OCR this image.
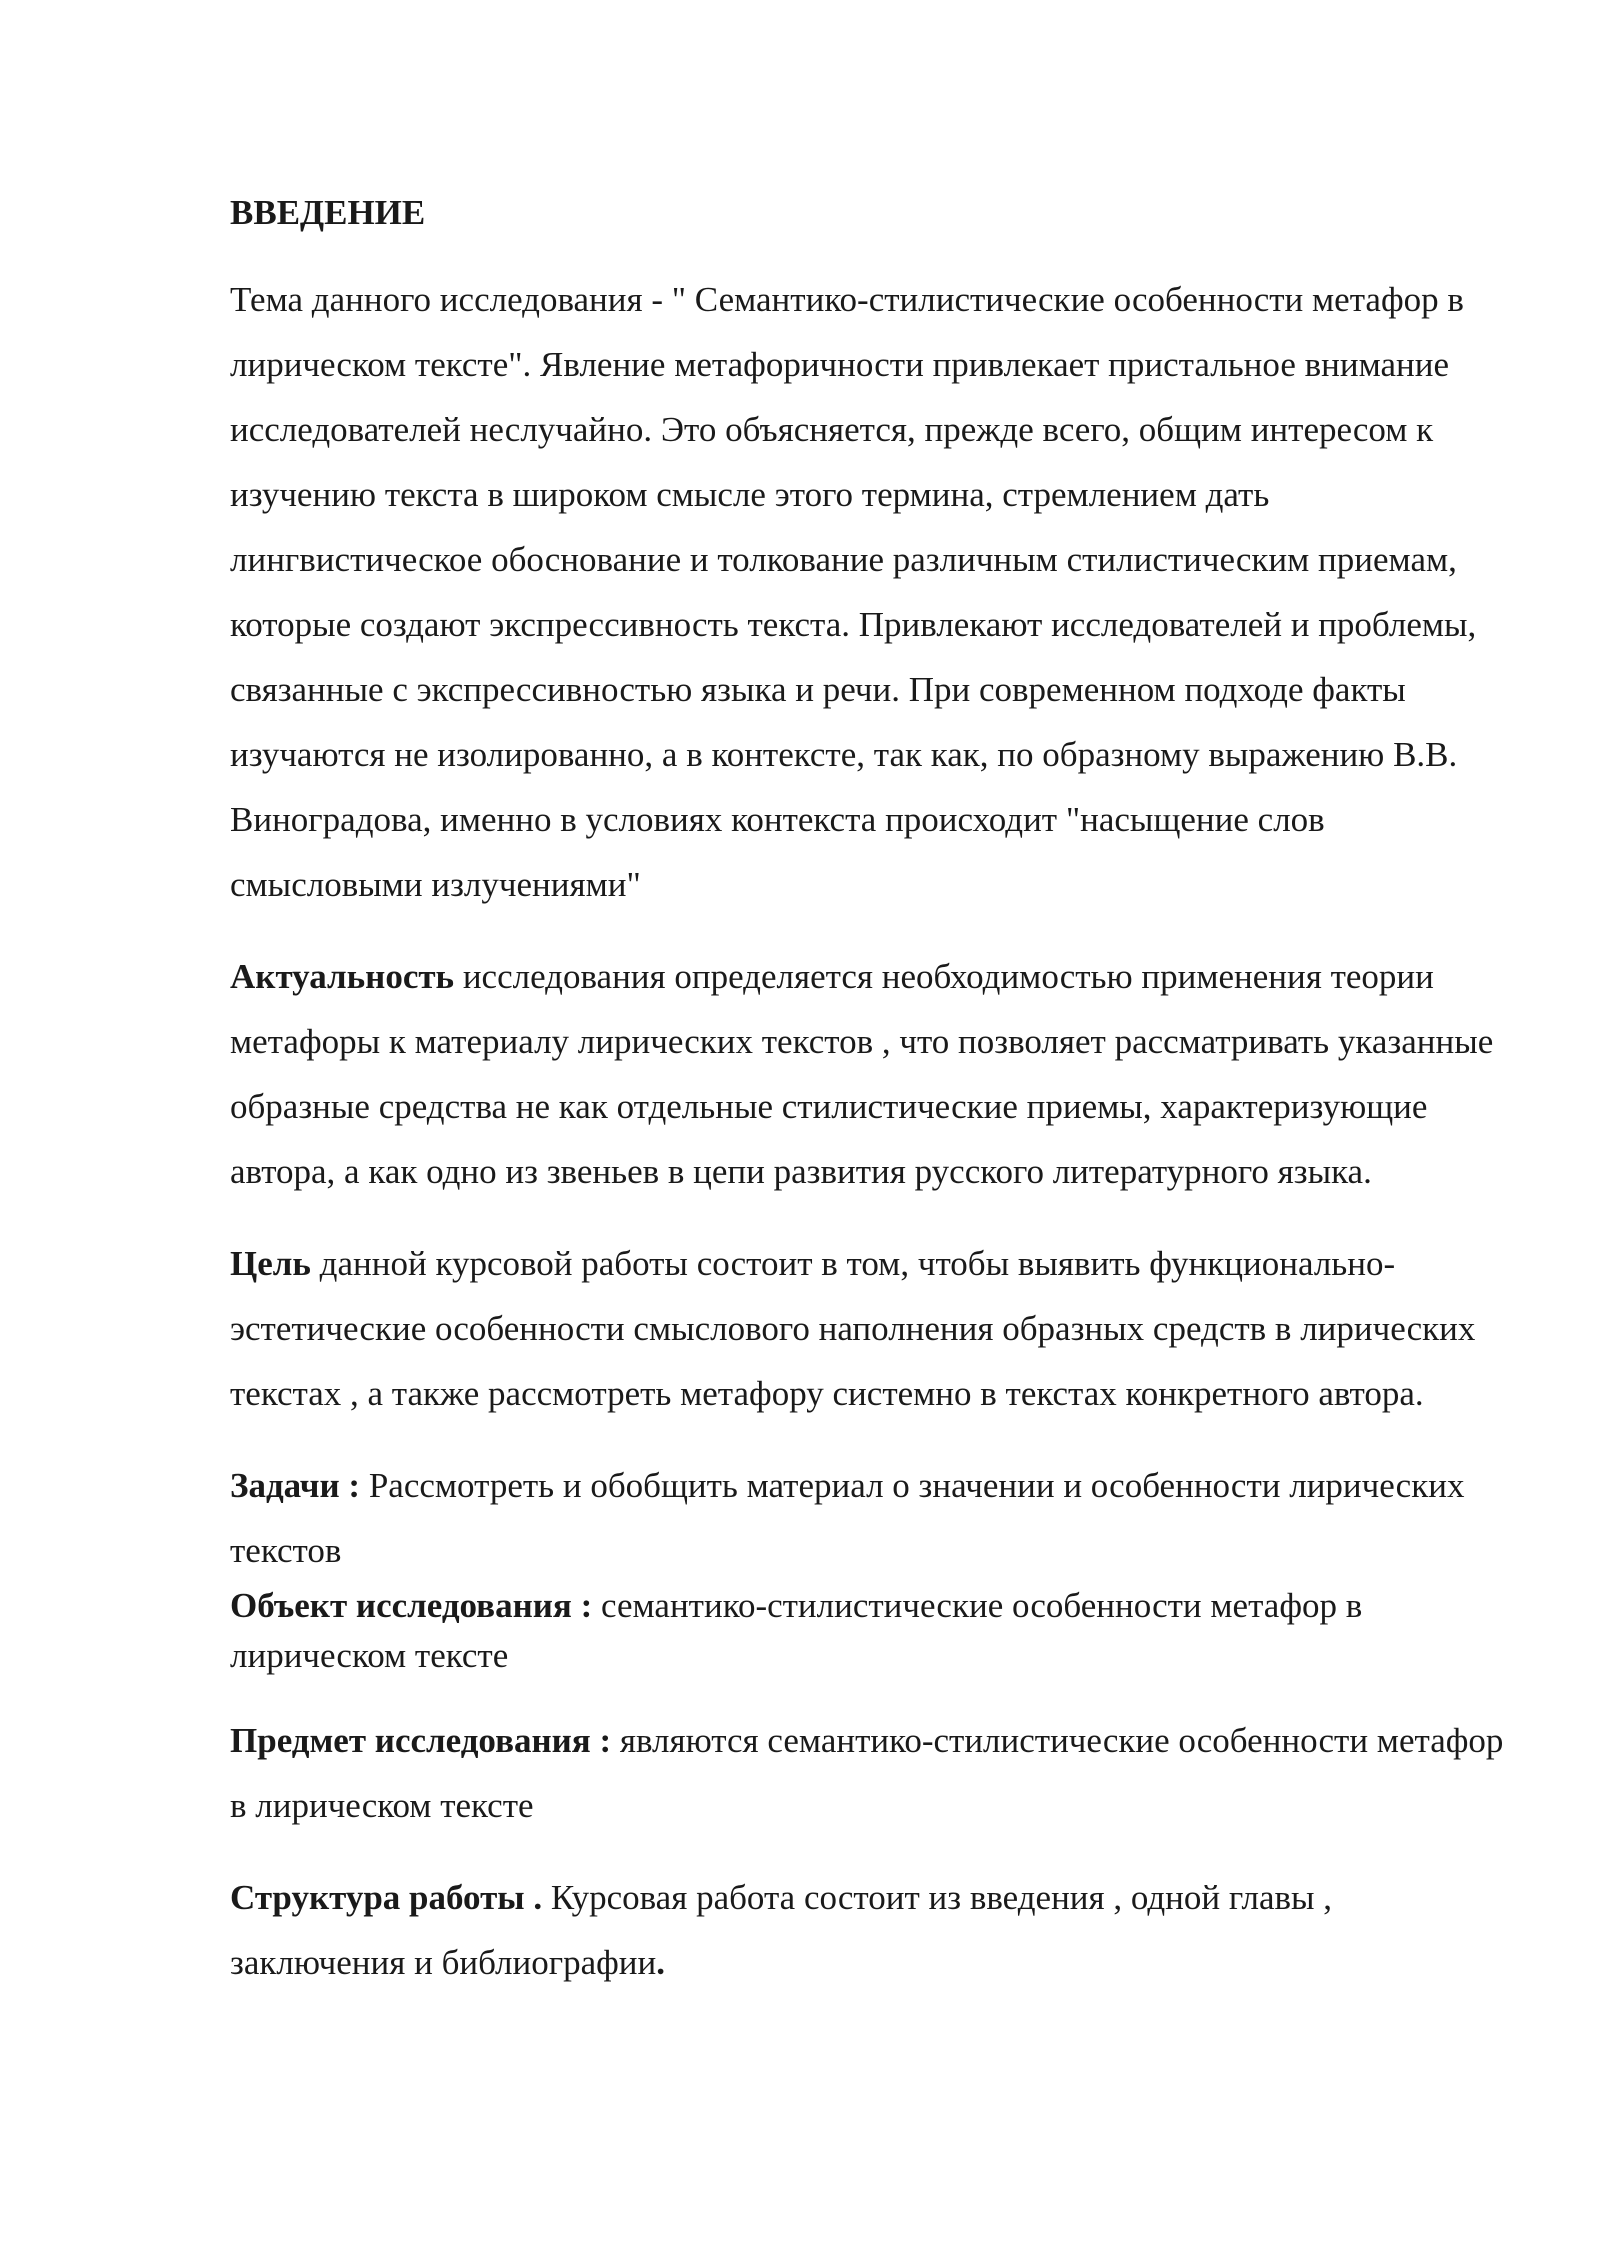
ВВЕДЕНИЕ

Тема данного исследования - " Семантико-стилистические особенности метафор в лирическом тексте". Явление метафоричности привлекает пристальное внимание исследователей неслучайно. Это объясняется, прежде всего, общим интересом к изучению текста в широком смысле этого термина, стремлением дать лингвистическое обоснование и толкование различным стилистическим приемам, которые создают экспрессивность текста. Привлекают исследователей и проблемы, связанные с экспрессивностью языка и речи. При современном подходе факты изучаются не изолированно, а в контексте, так как, по образному выражению В.В. Виноградова, именно в условиях контекста происходит "насыщение слов смысловыми излучениями"

Актуальность исследования определяется необходимостью применения теории метафоры к материалу лирических текстов , что позволяет рассматривать указанные образные средства не как отдельные стилистические приемы, характеризующие автора, а как одно из звеньев в цепи развития русского литературного языка.

Цель данной курсовой работы состоит в том, чтобы выявить функционально-эстетические особенности смыслового наполнения образных средств в лирических текстах , а также рассмотреть метафору системно в текстах конкретного автора.

Задачи : Рассмотреть и обобщить материал о значении и особенности лирических текстов

Объект исследования : семантико-стилистические особенности метафор в лирическом тексте

Предмет исследования : являются семантико-стилистические особенности метафор в лирическом тексте

Структура работы . Курсовая работа состоит из введения , одной главы , заключения и библиографии.
